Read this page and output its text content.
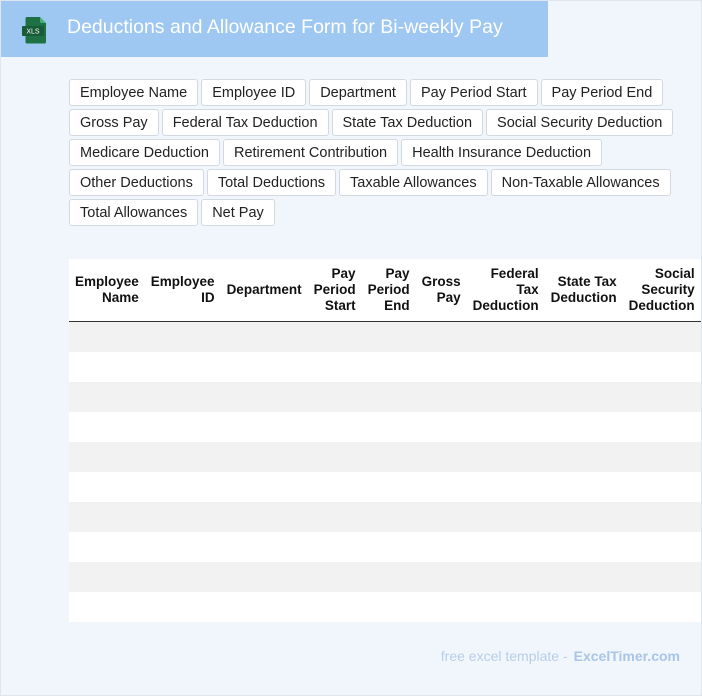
XLS Deductions and Allowance Form for Bi-weekly Pay
Employee Name	Employee ID	Department	Pay Period Start	Pay Period End
Gross Pay	Federal Tax Deduction	State Tax Deduction	Social Security Deduction
Medicare Deduction	Retirement Contribution	Health Insurance Deduction
Other Deductions	Total Deductions	Taxable Allowances	Non-Taxable Allowances
Total Allowances	Net Pay
Employee Name	Employee ID	Department	Pay Period Start	Pay Period End	Gross Pay	Federal Tax Deduction	State Tax Deduction	Social Security Deduction

free excel template - ExcelTimer.com
